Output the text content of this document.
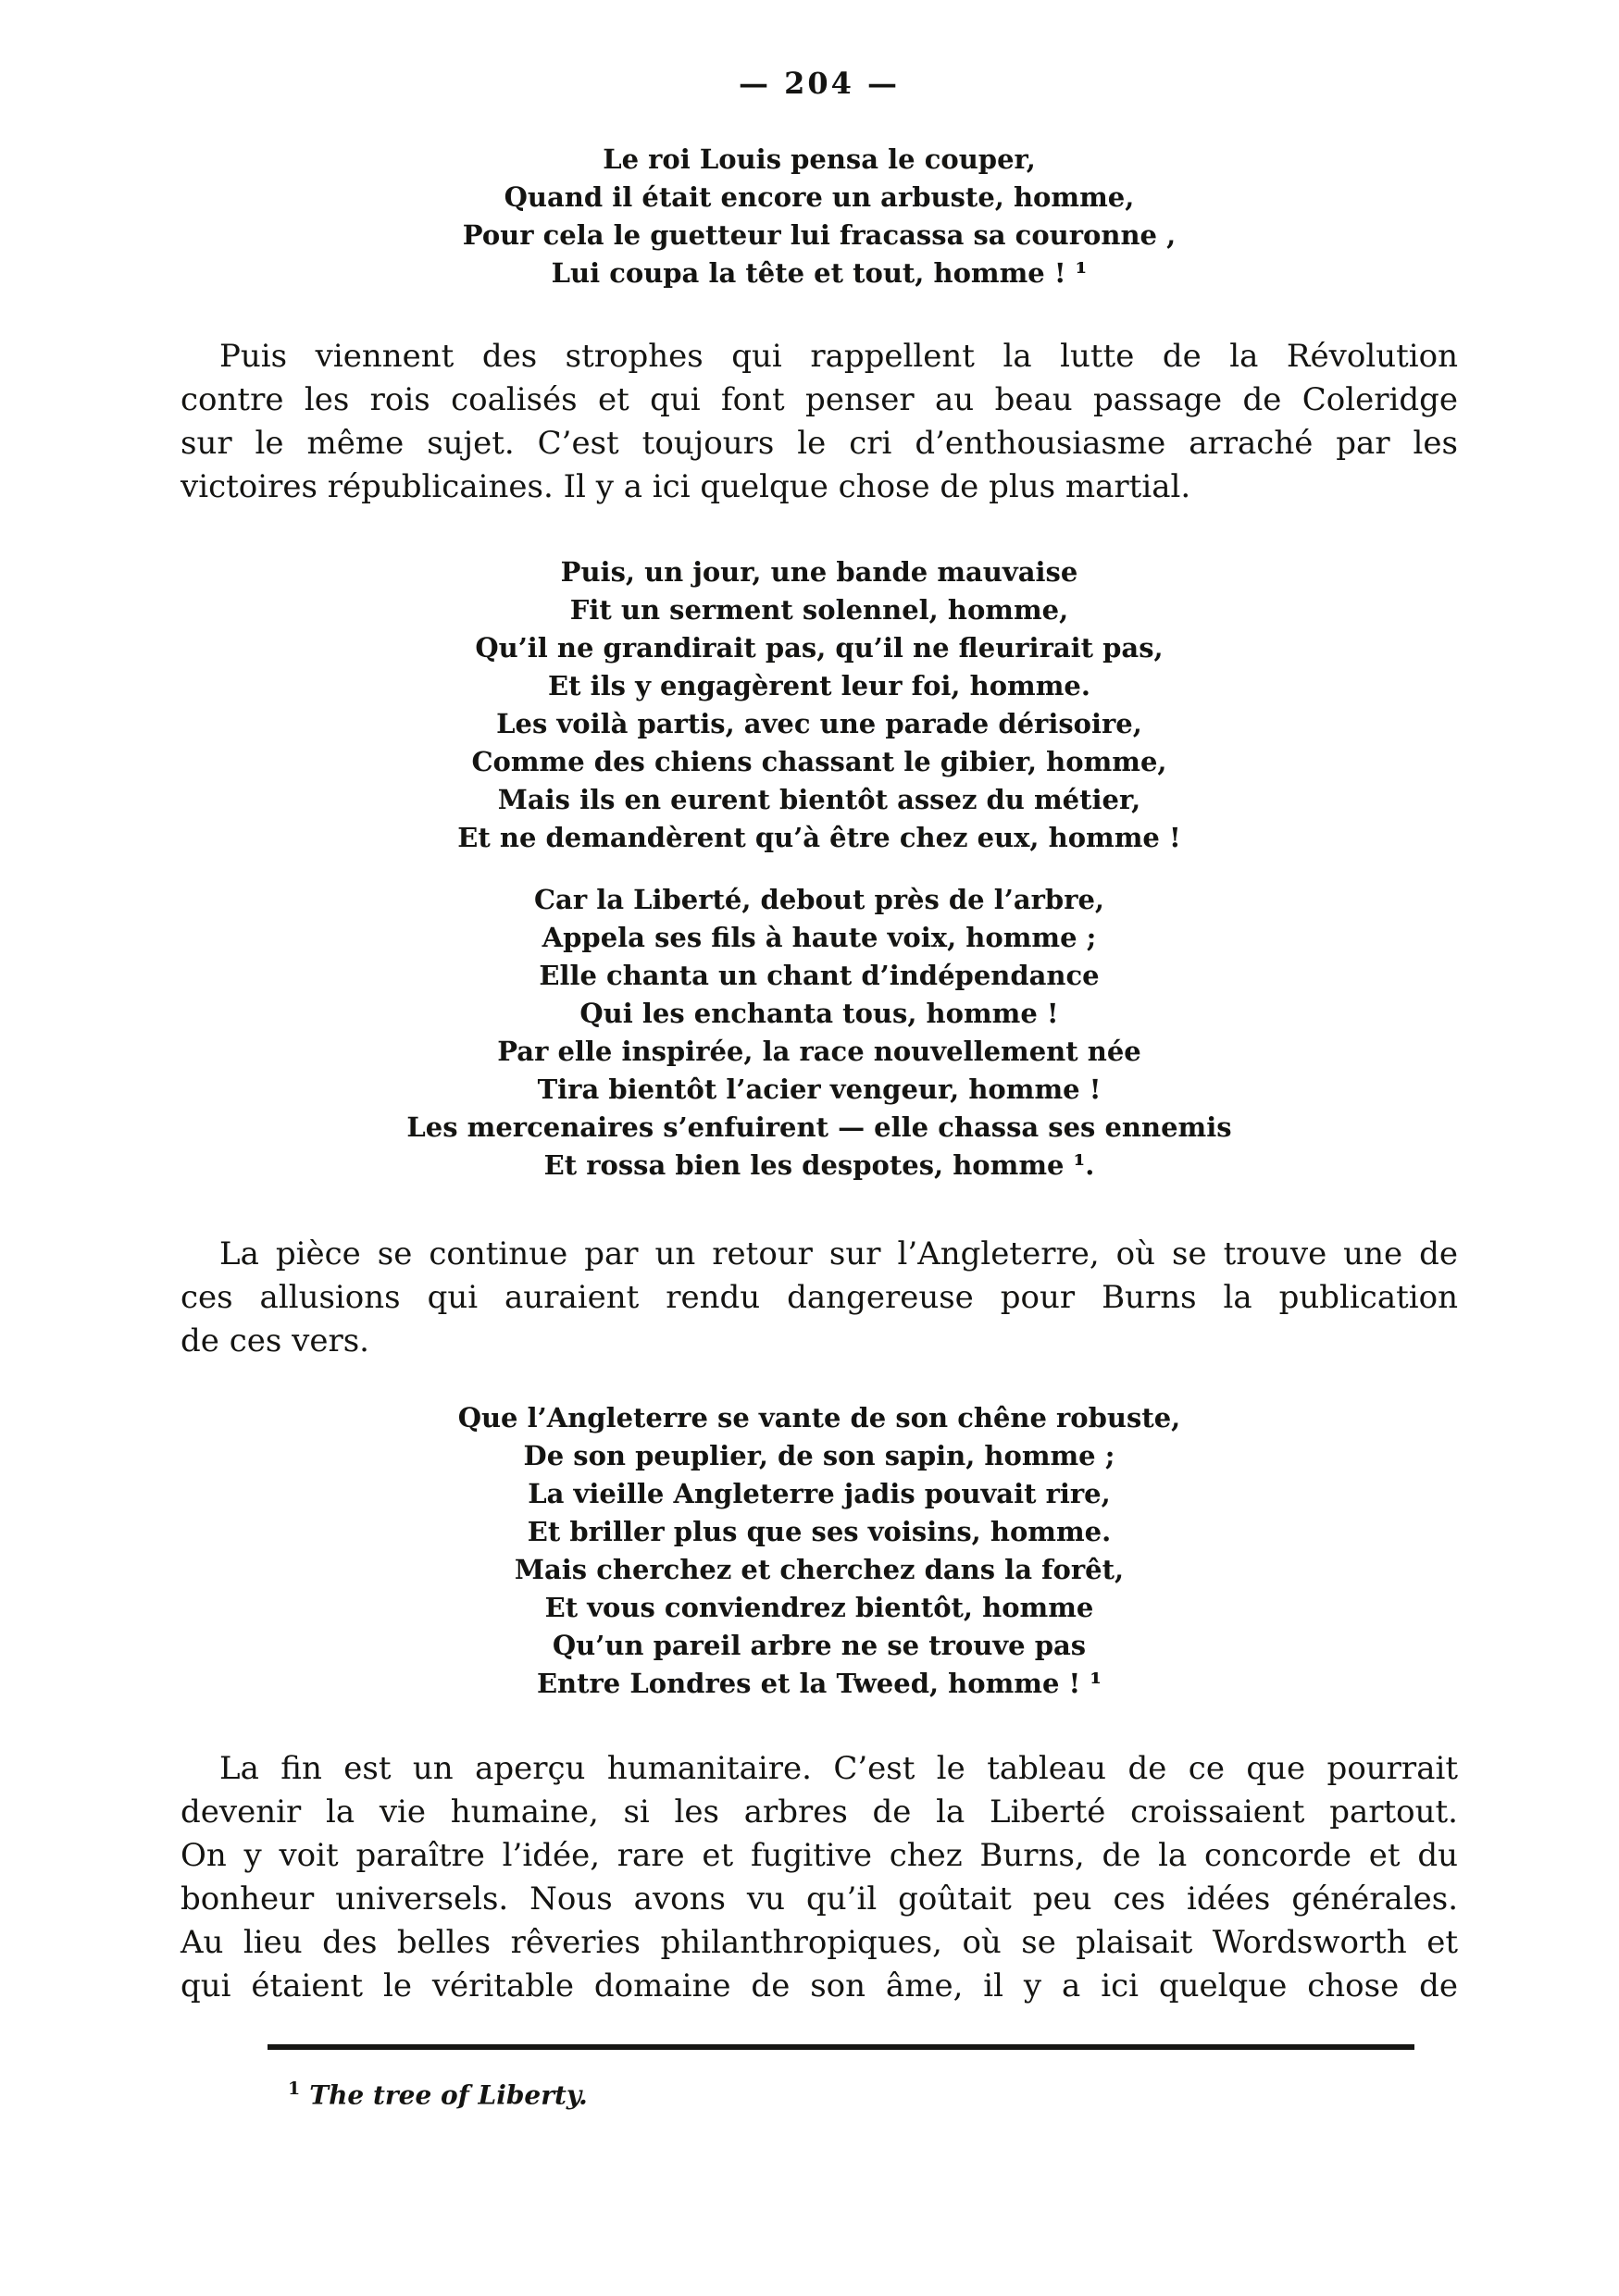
— 204 —
Le roi Louis pensa le couper,
Quand il était encore un arbuste, homme,
Pour cela le guetteur lui fracassa sa couronne ,
Lui coupa la tête et tout, homme ! ¹
Puis viennent des strophes qui rappellent la lutte de la Révolution
contre les rois coalisés et qui font penser au beau passage de Coleridge
sur le même sujet. C’est toujours le cri d’enthousiasme arraché par les
victoires républicaines. Il y a ici quelque chose de plus martial.
Puis, un jour, une bande mauvaise
Fit un serment solennel, homme,
Qu’il ne grandirait pas, qu’il ne fleurirait pas,
Et ils y engagèrent leur foi, homme.
Les voilà partis, avec une parade dérisoire,
Comme des chiens chassant le gibier, homme,
Mais ils en eurent bientôt assez du métier,
Et ne demandèrent qu’à être chez eux, homme !
Car la Liberté, debout près de l’arbre,
Appela ses fils à haute voix, homme ;
Elle chanta un chant d’indépendance
Qui les enchanta tous, homme !
Par elle inspirée, la race nouvellement née
Tira bientôt l’acier vengeur, homme !
Les mercenaires s’enfuirent — elle chassa ses ennemis
Et rossa bien les despotes, homme ¹.
La pièce se continue par un retour sur l’Angleterre, où se trouve une de
ces allusions qui auraient rendu dangereuse pour Burns la publication
de ces vers.
Que l’Angleterre se vante de son chêne robuste,
De son peuplier, de son sapin, homme ;
La vieille Angleterre jadis pouvait rire,
Et briller plus que ses voisins, homme.
Mais cherchez et cherchez dans la forêt,
Et vous conviendrez bientôt, homme
Qu’un pareil arbre ne se trouve pas
Entre Londres et la Tweed, homme ! ¹
La fin est un aperçu humanitaire. C’est le tableau de ce que pourrait
devenir la vie humaine, si les arbres de la Liberté croissaient partout.
On y voit paraître l’idée, rare et fugitive chez Burns, de la concorde et du
bonheur universels. Nous avons vu qu’il goûtait peu ces idées générales.
Au lieu des belles rêveries philanthropiques, où se plaisait Wordsworth et
qui étaient le véritable domaine de son âme, il y a ici quelque chose de
$^1$ The tree of Liberty.
